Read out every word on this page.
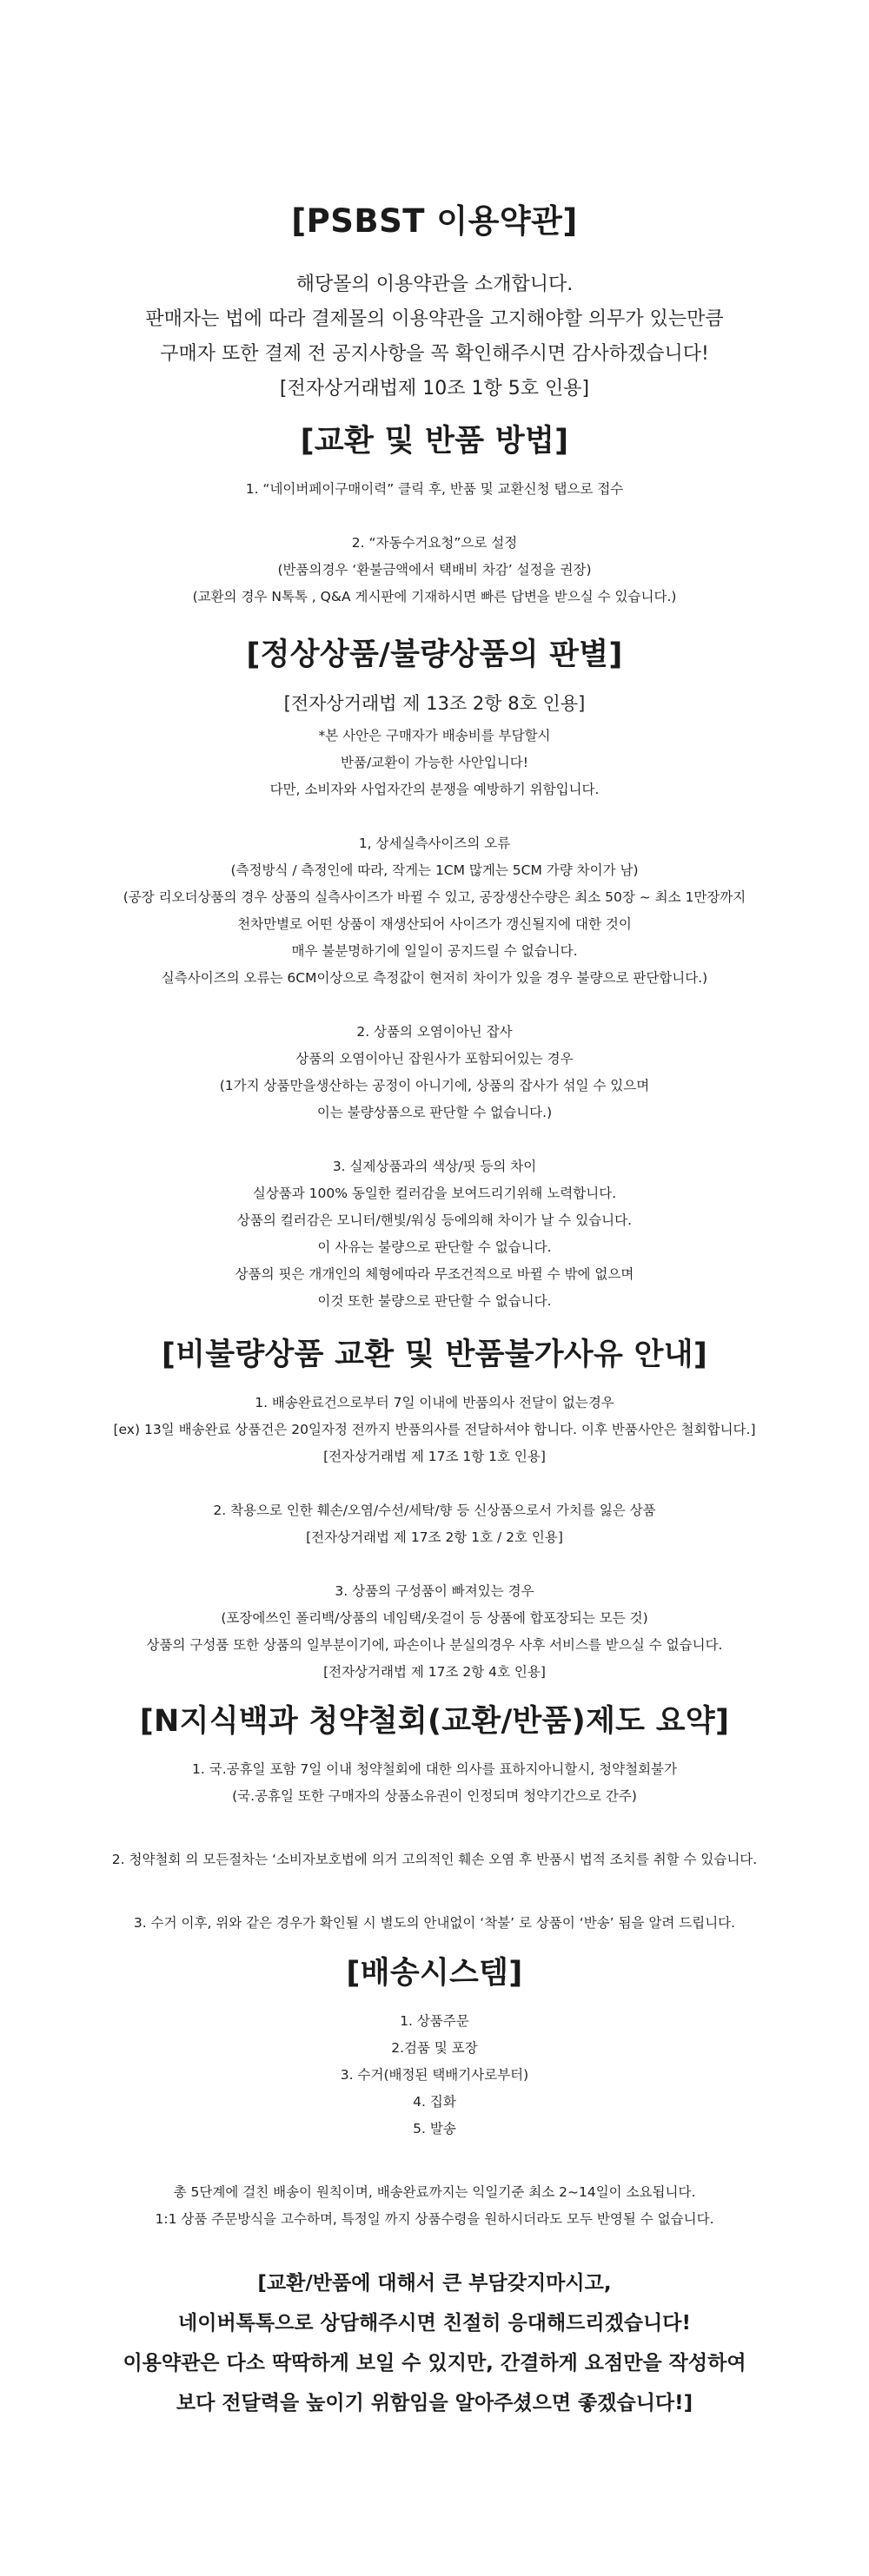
[PSBST 이용약관]
해당몰의 이용약관을 소개합니다.
판매자는 법에 따라 결제몰의 이용약관을 고지해야할 의무가 있는만큼
구매자 또한 결제 전 공지사항을 꼭 확인해주시면 감사하겠습니다!
[전자상거래법제 10조 1항 5호 인용]
[교환 및 반품 방법]
1. “네이버페이구매이력” 클릭 후, 반품 및 교환신청 탭으로 접수
2. “자동수거요청”으로 설정
(반품의경우 ‘환불금액에서 택배비 차감’ 설정을 권장)
(교환의 경우 N톡톡 , Q&A 게시판에 기재하시면 빠른 답변을 받으실 수 있습니다.)
[정상상품/불량상품의 판별]
[전자상거래법 제 13조 2항 8호 인용]
*본 사안은 구매자가 배송비를 부담할시
반품/교환이 가능한 사안입니다!
다만, 소비자와 사업자간의 분쟁을 예방하기 위함입니다.
1, 상세실측사이즈의 오류
(측정방식 / 측정인에 따라, 작게는 1CM 많게는 5CM 가량 차이가 남)
(공장 리오더상품의 경우 상품의 실측사이즈가 바뀔 수 있고, 공장생산수량은 최소 50장 ~ 최소 1만장까지
천차만별로 어떤 상품이 재생산되어 사이즈가 갱신될지에 대한 것이
매우 불분명하기에 일일이 공지드릴 수 없습니다.
실측사이즈의 오류는 6CM이상으로 측정값이 현저히 차이가 있을 경우 불량으로 판단합니다.)
2. 상품의 오염이아닌 잡사
상품의 오염이아닌 잡원사가 포함되어있는 경우
(1가지 상품만을생산하는 공정이 아니기에, 상품의 잡사가 섞일 수 있으며
이는 불량상품으로 판단할 수 없습니다.)
3. 실제상품과의 색상/핏 등의 차이
실상품과 100% 동일한 컬러감을 보여드리기위해 노력합니다.
상품의 컬러감은 모니터/핸빛/워싱 등에의해 차이가 날 수 있습니다.
이 사유는 불량으로 판단할 수 없습니다.
상품의 핏은 개개인의 체형에따라 무조건적으로 바뀔 수 밖에 없으며
이것 또한 불량으로 판단할 수 없습니다.
[비불량상품 교환 및 반품불가사유 안내]
1. 배송완료건으로부터 7일 이내에 반품의사 전달이 없는경우
[ex) 13일 배송완료 상품건은 20일자정 전까지 반품의사를 전달하셔야 합니다. 이후 반품사안은 철회합니다.]
[전자상거래법 제 17조 1항 1호 인용]
2. 착용으로 인한 훼손/오염/수선/세탁/향 등 신상품으로서 가치를 잃은 상품
[전자상거래법 제 17조 2항 1호 / 2호 인용]
3. 상품의 구성품이 빠져있는 경우
(포장에쓰인 폴리백/상품의 네임택/옷걸이 등 상품에 합포장되는 모든 것)
상품의 구성품 또한 상품의 일부분이기에, 파손이나 분실의경우 사후 서비스를 받으실 수 없습니다.
[전자상거래법 제 17조 2항 4호 인용]
[N지식백과 청약철회(교환/반품)제도 요약]
1. 국.공휴일 포함 7일 이내 청약철회에 대한 의사를 표하지아니할시, 청약철회불가
(국.공휴일 또한 구매자의 상품소유권이 인정되며 청약기간으로 간주)
2. 청약철회 의 모든절차는 ‘소비자보호법에 의거 고의적인 훼손 오염 후 반품시 법적 조치를 취할 수 있습니다.
3. 수거 이후, 위와 같은 경우가 확인될 시 별도의 안내없이 ‘착불’ 로 상품이 ‘반송’ 됨을 알려 드립니다.
[배송시스템]
1. 상품주문
2.검품 및 포장
3. 수거(배정된 택배기사로부터)
4. 집화
5. 발송
총 5단계에 걸친 배송이 원칙이며, 배송완료까지는 익일기준 최소 2~14일이 소요됩니다.
1:1 상품 주문방식을 고수하며, 특정일 까지 상품수령을 원하시더라도 모두 반영될 수 없습니다.
[교환/반품에 대해서 큰 부담갖지마시고,
네이버톡톡으로 상담해주시면 친절히 응대해드리겠습니다!
이용약관은 다소 딱딱하게 보일 수 있지만, 간결하게 요점만을 작성하여
보다 전달력을 높이기 위함임을 알아주셨으면 좋겠습니다!]
